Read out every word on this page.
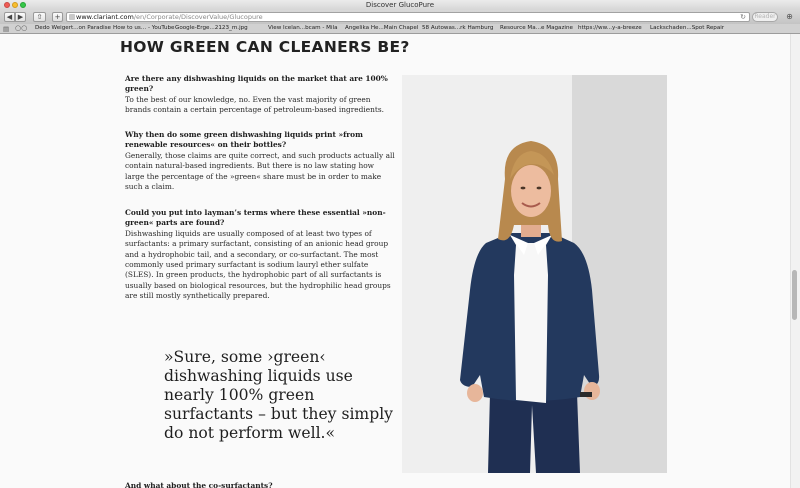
Discover GlucoPure
◀ ▶	⇧	+	www.clariant.com/en/Corporate/DiscoverValue/Glucopure	↻	Reader	⊕
▤ ○○ Dedo Weigert...on Paradise How to us... - YouTube Google-Erge...2123_m.jpg	View Icelan...bcam - Mila Angelika He...Main Chapel 58 Autowas...rk Hamburg Resource Ma...e Magazine https://ww...y-a-breeze Lackschaden...Spot Repair
HOW GREEN CAN CLEANERS BE?
Are there any dishwashing liquids on the market that are 100% green?
To the best of our knowledge, no. Even the vast majority of green brands contain a certain percentage of petroleum-based ingredients.
Why then do some green dishwashing liquids print »from renewable resources« on their bottles?
Generally, those claims are quite correct, and such products actually all contain natural-based ingredients. But there is no law stating how large the percentage of the »green« share must be in order to make such a claim.
Could you put into layman’s terms where these essential »non-green« parts are found?
Dishwashing liquids are usually composed of at least two types of surfactants: a primary surfactant, consisting of an anionic head group and a hydrophobic tail, and a secondary, or co-surfactant. The most commonly used primary surfactant is sodium lauryl ether sulfate (SLES). In green products, the hydrophobic part of all surfactants is usually based on biological resources, but the hydrophilic head groups are still mostly synthetically prepared.
»Sure, some ›green‹ dishwashing liquids use nearly 100% green surfactants – but they simply do not perform well.«
And what about the co-surfactants?
